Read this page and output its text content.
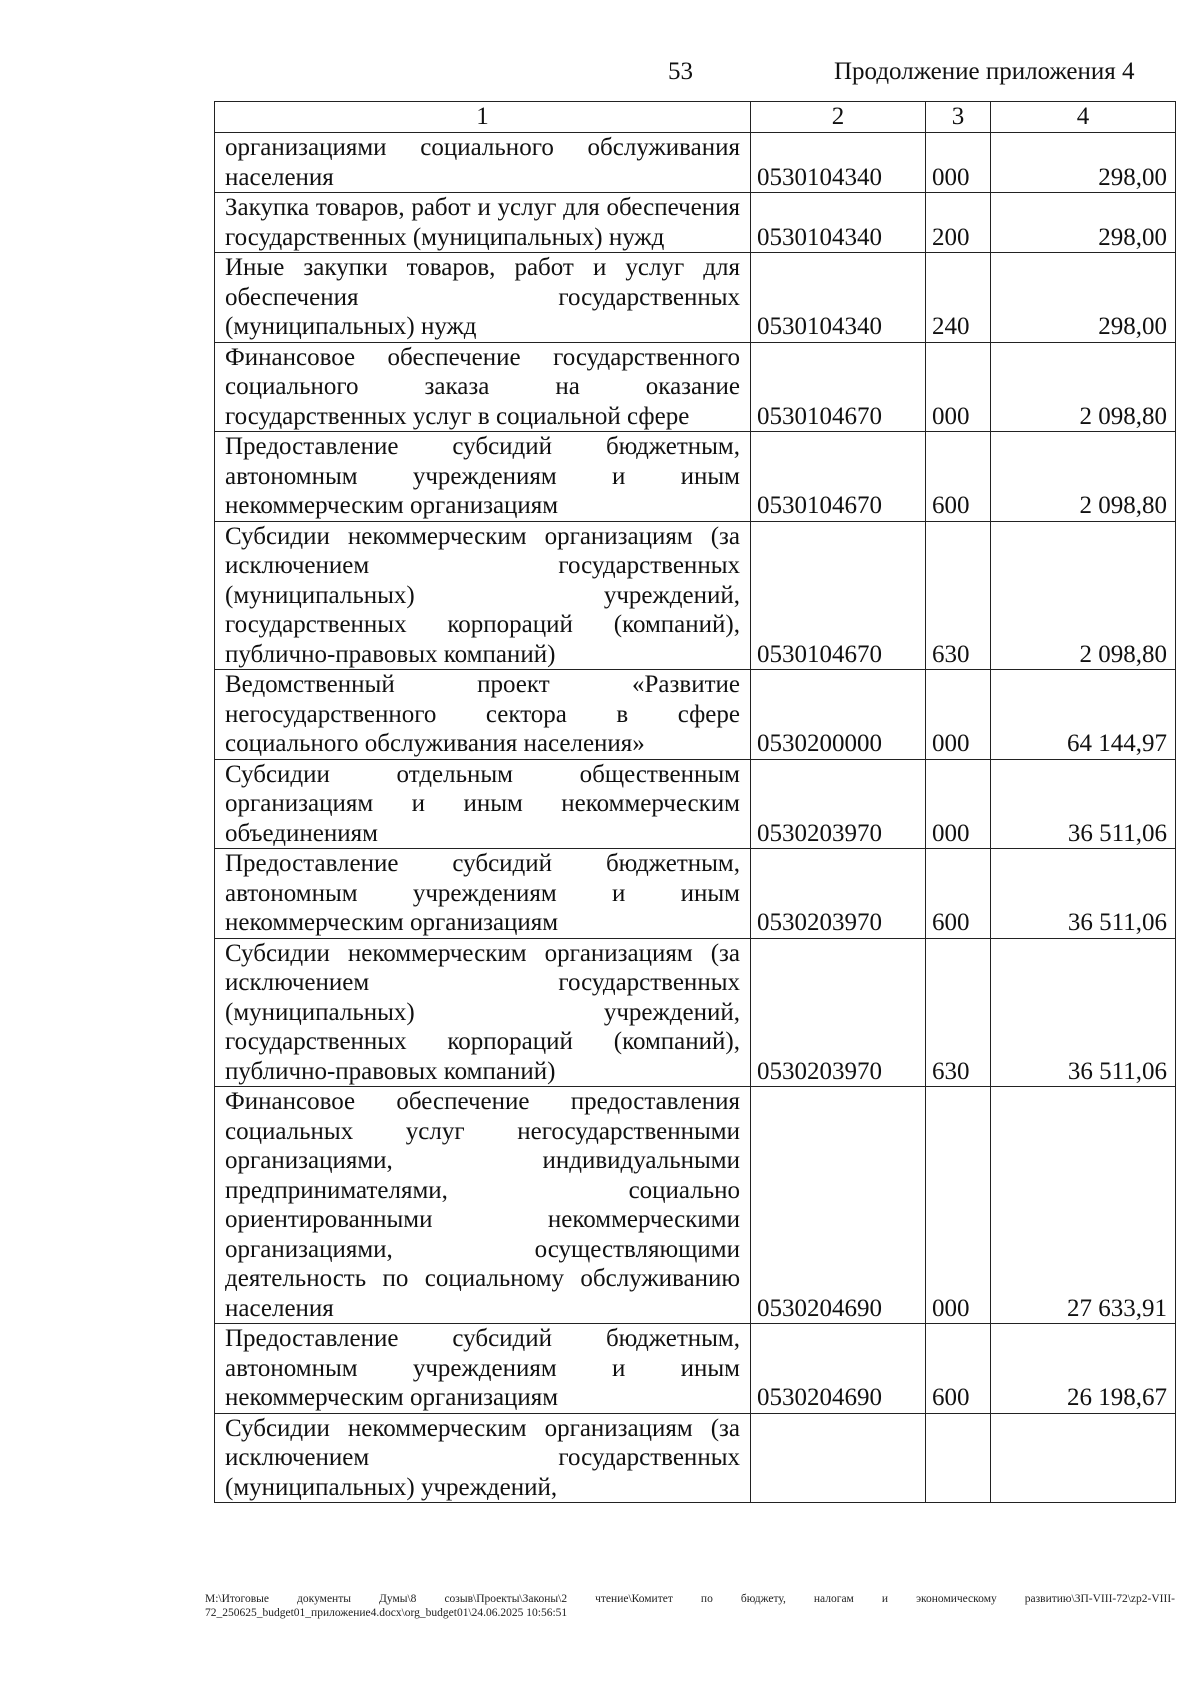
53	Продолжение приложения 4
1	2	3	4
организациями социального обслуживания населения	0530104340	000	298,00
Закупка товаров, работ и услуг для обеспечения государственных (муниципальных) нужд	0530104340	200	298,00
Иные закупки товаров, работ и услуг для обеспечения государственных (муниципальных) нужд	0530104340	240	298,00
Финансовое обеспечение государственного социального заказа на оказание государственных услуг в социальной сфере	0530104670	000	2 098,80
Предоставление субсидий бюджетным, автономным учреждениям и иным некоммерческим организациям	0530104670	600	2 098,80
Субсидии некоммерческим организациям (за исключением государственных (муниципальных) учреждений, государственных корпораций (компаний), публично-правовых компаний)	0530104670	630	2 098,80
Ведомственный проект «Развитие негосударственного сектора в сфере социального обслуживания населения»	0530200000	000	64 144,97
Субсидии отдельным общественным организациям и иным некоммерческим объединениям	0530203970	000	36 511,06
Предоставление субсидий бюджетным, автономным учреждениям и иным некоммерческим организациям	0530203970	600	36 511,06
Субсидии некоммерческим организациям (за исключением государственных (муниципальных) учреждений, государственных корпораций (компаний), публично-правовых компаний)	0530203970	630	36 511,06
Финансовое обеспечение предоставления социальных услуг негосударственными организациями, индивидуальными предпринимателями, социально ориентированными некоммерческими организациями, осуществляющими деятельность по социальному обслуживанию населения	0530204690	000	27 633,91
Предоставление субсидий бюджетным, автономным учреждениям и иным некоммерческим организациям	0530204690	600	26 198,67
Субсидии некоммерческим организациям (за исключением государственных (муниципальных) учреждений,			
M:\Итоговые документы Думы\8 созыв\Проекты\Законы\2 чтение\Комитет по бюджету, налогам и экономическому развитию\ЗП-VIII-72\zp2-VIII-72_250625_budget01_приложение4.docx\org_budget01\24.06.2025 10:56:51
